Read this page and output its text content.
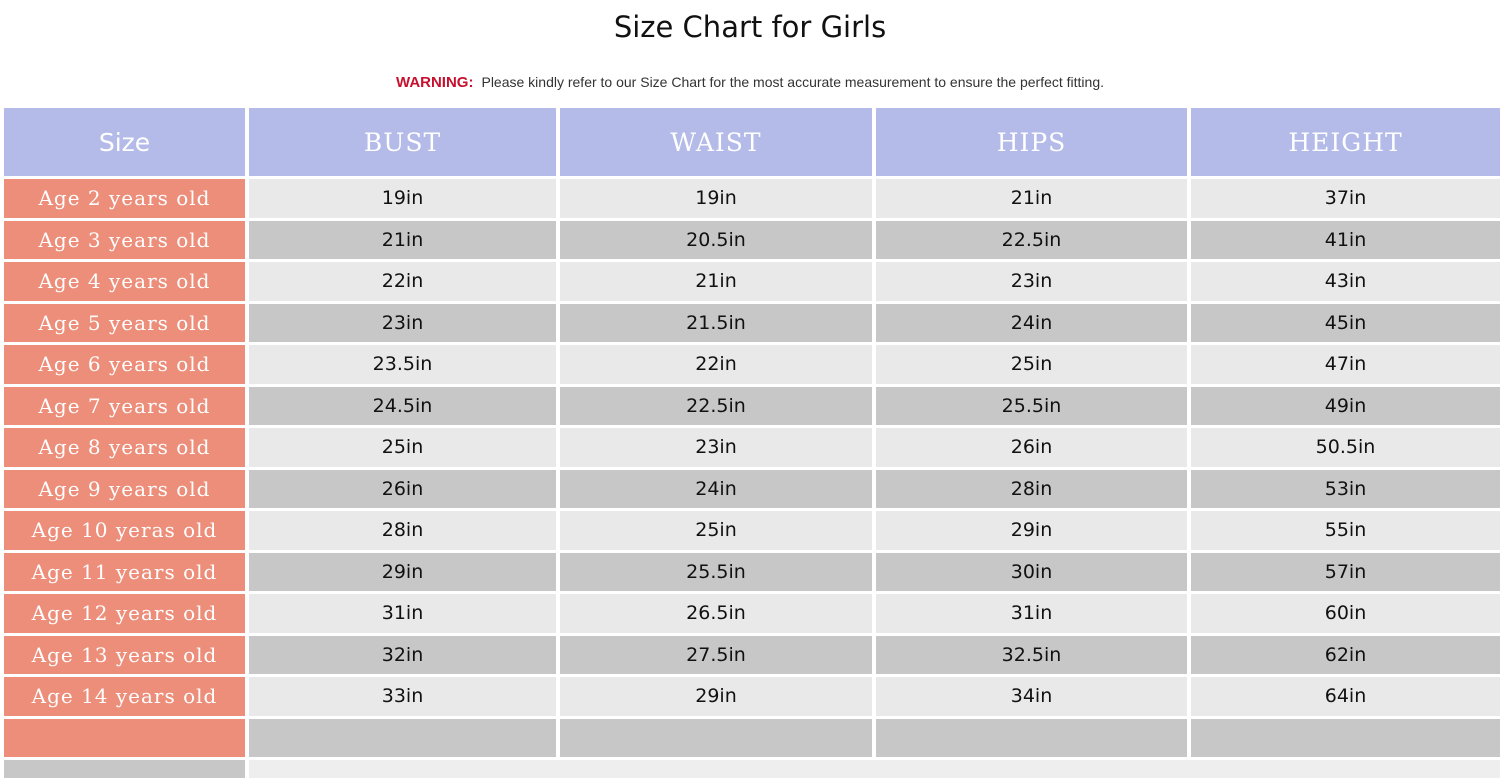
Size Chart for Girls
WARNING: Please kindly refer to our Size Chart for the most accurate measurement to ensure the perfect fitting.
Size	BUST	WAIST	HIPS	HEIGHT
Age 2 years old	19in	19in	21in	37in
Age 3 years old	21in	20.5in	22.5in	41in
Age 4 years old	22in	21in	23in	43in
Age 5 years old	23in	21.5in	24in	45in
Age 6 years old	23.5in	22in	25in	47in
Age 7 years old	24.5in	22.5in	25.5in	49in
Age 8 years old	25in	23in	26in	50.5in
Age 9 years old	26in	24in	28in	53in
Age 10 yeras old	28in	25in	29in	55in
Age 11 years old	29in	25.5in	30in	57in
Age 12 years old	31in	26.5in	31in	60in
Age 13 years old	32in	27.5in	32.5in	62in
Age 14 years old	33in	29in	34in	64in
